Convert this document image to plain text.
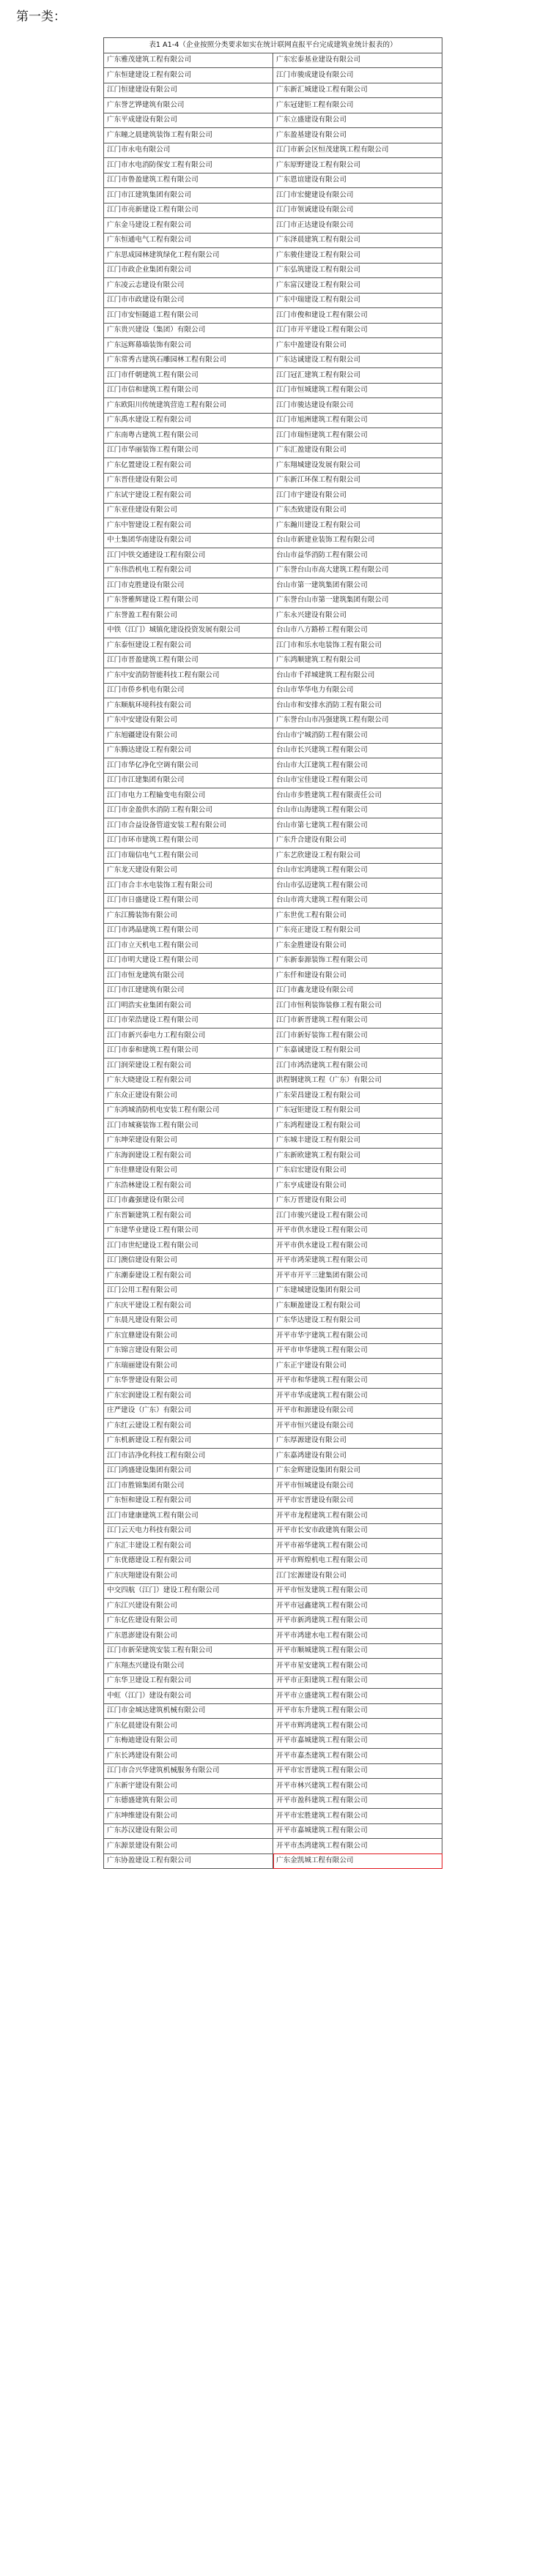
第一类：
表1 A1-4（企业按照分类要求如实在统计联网直报平台完成建筑业统计报表的）	
广东雅茂建筑工程有限公司	广东宏泰基业建设有限公司
广东恒建建设工程有限公司	江门市骏成建设有限公司
江门恒建建设有限公司	广东新汇城建设工程有限公司
广东誉艺铧建筑有限公司	广东冠建钜工程有限公司
广东平成建设有限公司	广东立盛建设有限公司
广东瞳之晨建筑装饰工程有限公司	广东盈基建设有限公司
江门市永电有限公司	江门市新会区恒茂建筑工程有限公司
江门市水电消防保安工程有限公司	广东原野建设工程有限公司
江门市鲁盈建筑工程有限公司	广东恩谊建设有限公司
江门市江建筑集团有限公司	江门市宏健建设有限公司
江门市亮新建设工程有限公司	江门市领诚建设有限公司
广东金马建设工程有限公司	江门市正达建设有限公司
广东恒通电气工程有限公司	广东泽晨建筑工程有限公司
广东思成园林建筑绿化工程有限公司	广东骏佳建设工程有限公司
江门市政企业集团有限公司	广东弘筑建设工程有限公司
广东凌云志建设有限公司	广东富汉建设工程有限公司
江门市市政建设有限公司	广东中瑞建设工程有限公司
江门市安恒隧道工程有限公司	江门市俊和建设工程有限公司
广东贵兴建设（集团）有限公司	江门市开平建设工程有限公司
广东远辉幕墙装饰有限公司	广东中盈建设有限公司
广东常秀古建筑石雕园林工程有限公司	广东达诚建设工程有限公司
江门市仟朝建筑工程有限公司	江门冠汇建筑工程有限公司
江门市信和建筑工程有限公司	江门市恒城建筑工程有限公司
广东欧阳川传统建筑营造工程有限公司	江门市骏达建设有限公司
广东禹水建设工程有限公司	江门市旭洲建筑工程有限公司
广东南粤古建筑工程有限公司	江门市瑞恒建筑工程有限公司
江门市华丽装饰工程有限公司	广东汇盈建设有限公司
广东亿置建设工程有限公司	广东翔城建设发展有限公司
广东晋佳建设有限公司	广东新江环保工程有限公司
广东试宇建设工程有限公司	江门市宇建设有限公司
广东亚佳建设有限公司	广东杰致建设有限公司
广东中智建设工程有限公司	广东瀚川建设工程有限公司
中土集团华南建设有限公司	台山市新建业装饰工程有限公司
江门中铁交通建设工程有限公司	台山市益华消防工程有限公司
广东伟浩机电工程有限公司	广东誉台山市高大建筑工程有限公司
江门市克胜建设有限公司	台山市第一建筑集团有限公司
广东誉雅辉建设工程有限公司	广东誉台山市第一建筑集团有限公司
广东誉盈工程有限公司	广东永兴建设有限公司
中铁（江门）城镇化建设投资发展有限公司	台山市八方路桥工程有限公司
广东泰恒建设工程有限公司	江门市和乐水电装饰工程有限公司
江门市晋盈建筑工程有限公司	广东鸿顺建筑工程有限公司
广东中安消防智能科技工程有限公司	台山市千祥城建筑工程有限公司
江门市侨乡机电有限公司	台山市华华电力有限公司
广东顺航环境科技有限公司	台山市和安排水消防工程有限公司
广东中安建设有限公司	广东誉台山市冯强建筑工程有限公司
广东旭疆建设有限公司	台山市宁城消防工程有限公司
广东腾达建设工程有限公司	台山市长兴建筑工程有限公司
江门市华亿净化空调有限公司	台山市大江建筑工程有限公司
江门市江建集团有限公司	台山市宝佳建设工程有限公司
江门市电力工程输变电有限公司	台山市步胜建筑工程有限责任公司
江门市金盈供水消防工程有限公司	台山市山海建筑工程有限公司
江门市合益设备管道安装工程有限公司	台山市第七建筑工程有限公司
江门市环市建筑工程有限公司	广东升合建设有限公司
江门市瑞信电气工程有限公司	广东艺欣建设工程有限公司
广东龙天建设有限公司	台山市宏鸿建筑工程有限公司
江门市合丰水电装饰工程有限公司	台山市弘迈建筑工程有限公司
江门市日盛建设工程有限公司	台山市湾大建筑工程有限公司
广东江腾装饰有限公司	广东世优工程有限公司
江门市鸿晶建筑工程有限公司	广东亮正建设工程有限公司
江门市立天机电工程有限公司	广东金胜建设有限公司
江门市明大建设工程有限公司	广东新泰源装饰工程有限公司
江门市恒龙建筑有限公司	广东仟和建设有限公司
江门市江建建筑有限公司	江门市鑫龙建设有限公司
江门明浩实业集团有限公司	江门市恒利装饰装修工程有限公司
江门市荣浩建设工程有限公司	江门市新晋建筑工程有限公司
江门市新兴泰电力工程有限公司	江门市新好装饰工程有限公司
江门市泰和建筑工程有限公司	广东嘉诚建设工程有限公司
江门润荣建设工程有限公司	江门市鸿浩建筑工程有限公司
广东大晓建设工程有限公司	洪程钢建筑工程（广东）有限公司
广东众正建设有限公司	广东荣昌建设工程有限公司
广东鸿城消防机电安装工程有限公司	广东冠钜建设工程有限公司
江门市城赛装饰工程有限公司	广东鸿程建设工程有限公司
广东坤荣建设有限公司	广东城丰建设工程有限公司
广东海润建设工程有限公司	广东新欧建筑工程有限公司
广东佳鼎建设有限公司	广东启宏建设有限公司
广东浩林建设工程有限公司	广东亨成建设有限公司
江门市鑫强建设有限公司	广东万晋建设有限公司
广东晋颖建筑工程有限公司	江门市骏兴建设工程有限公司
广东建华业建设工程有限公司	开平市供水建设工程有限公司
江门市世纪建设工程有限公司	开平市供水建设工程有限公司
江门澳信建设有限公司	开平市鸿荣建筑工程有限公司
广东潮泰建设工程有限公司	开平市开平三建集团有限公司
江门公用工程有限公司	广东建城建设集团有限公司
广东庆平建设工程有限公司	广东顺盈建设工程有限公司
广东晨凡建设有限公司	广东华达建设工程有限公司
广东宜鼎建设有限公司	开平市华宇建筑工程有限公司
广东锦言建设有限公司	开平市申华建筑工程有限公司
广东瑞丽建设有限公司	广东正宇建设有限公司
广东华誉建设有限公司	开平市和华建筑工程有限公司
广东宏润建设工程有限公司	开平市华成建筑工程有限公司
庄严建设（广东）有限公司	开平市和源建设有限公司
广东红云建设工程有限公司	开平市恒兴建设有限公司
广东机新建设工程有限公司	广东厚源建设有限公司
江门市洁净化科技工程有限公司	广东嘉鸿建设有限公司
江门鸿盛建设集团有限公司	广东金辉建设集团有限公司
江门市胜锦集团有限公司	开平市恒城建设有限公司
广东恒和建设工程有限公司	开平市宏晋建设有限公司
江门市建康建筑工程有限公司	开平市龙程建筑工程有限公司
江门云天电力科技有限公司	开平市长安市政建筑有限公司
广东汇丰建设工程有限公司	开平市裕华建筑工程有限公司
广东优德建设工程有限公司	开平市辉煌机电工程有限公司
广东庆翔建设有限公司	江门宏源建设有限公司
中交四航（江门）建设工程有限公司	开平市恒发建筑工程有限公司
广东江兴建设有限公司	开平市冠鑫建筑工程有限公司
广东亿佐建设有限公司	开平市新鸿建筑工程有限公司
广东恩澎建设有限公司	开平市鸿建水电工程有限公司
江门市新荣建筑安装工程有限公司	开平市顺城建筑工程有限公司
广东翔杰兴建设有限公司	开平市星安建筑工程有限公司
广东华卫建设工程有限公司	开平市正阳建筑工程有限公司
中虹（江门）建设有限公司	开平市立盛建筑工程有限公司
江门市金城达建筑机械有限公司	开平市东升建筑工程有限公司
广东亿晨建设有限公司	开平市辉鸿建筑工程有限公司
广东梅迪建设有限公司	开平市嘉城建筑工程有限公司
广东长鸿建设有限公司	开平市嘉杰建筑工程有限公司
江门市合兴华建筑机械服务有限公司	开平市宏晋建筑工程有限公司
广东新宇建设有限公司	开平市林兴建筑工程有限公司
广东德盛建筑有限公司	开平市盈科建筑工程有限公司
广东坤维建设有限公司	开平市宏胜建筑工程有限公司
广东苏汉建设有限公司	开平市嘉城建筑工程有限公司
广东源景建设有限公司	开平市杰鸿建筑工程有限公司
广东协盈建设工程有限公司	广东金凯城工程有限公司
